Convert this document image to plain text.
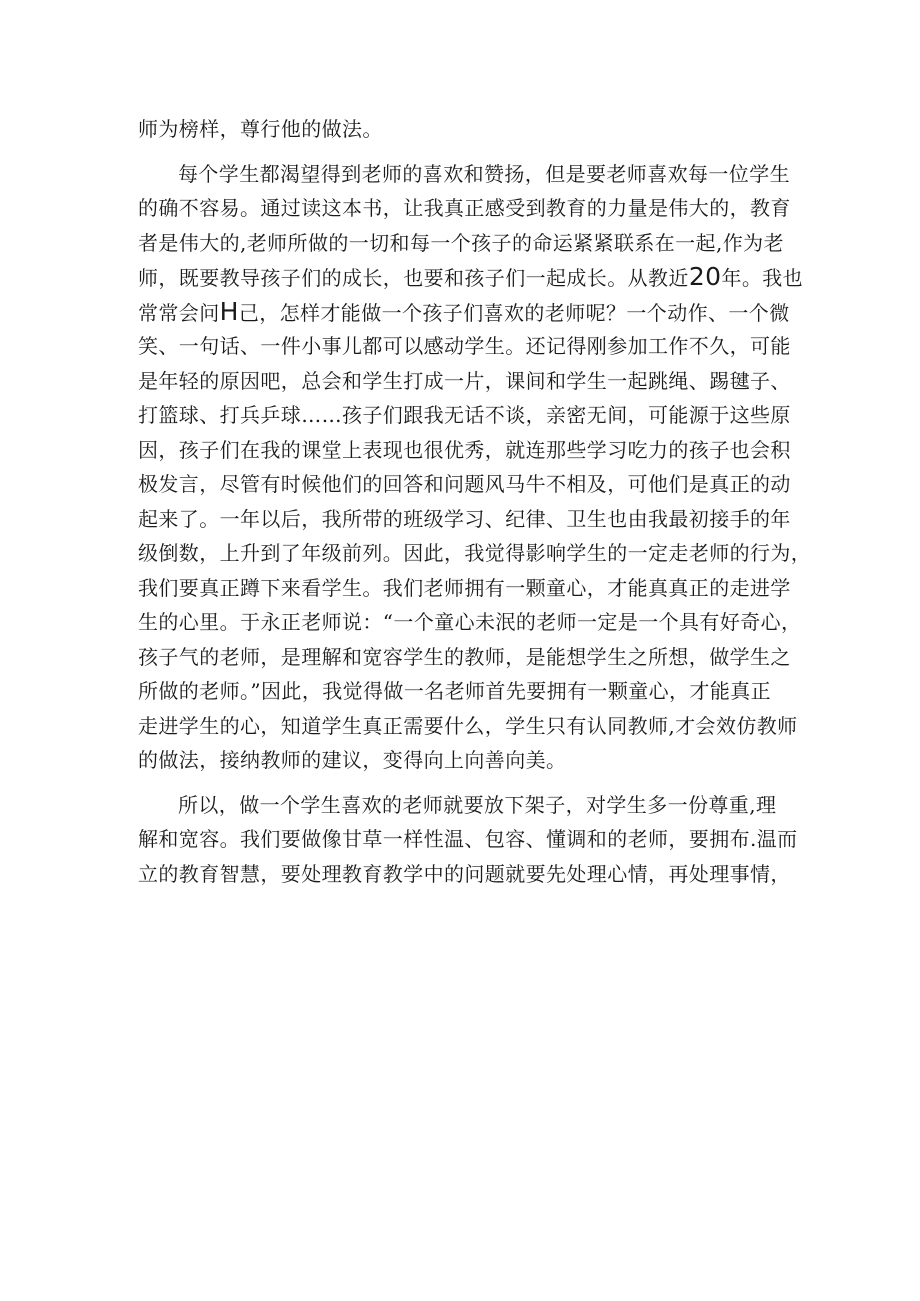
师为榜样，尊行他的做法。

每个学生都渴望得到老师的喜欢和赞扬，但是要老师喜欢每一位学生

的确不容易。通过读这本书，让我真正感受到教育的力量是伟大的，教育

者是伟大的,老师所做的一切和每一个孩子的命运紧紧联系在一起,作为老

师，既要教导孩子们的成长，也要和孩子们一起成长。从教近20年。我也

常常会问H己，怎样才能做一个孩子们喜欢的老师呢？一个动作、一个微

笑、一句话、一件小事儿都可以感动学生。还记得刚参加工作不久，可能

是年轻的原因吧，总会和学生打成一片，课间和学生一起跳绳、踢毽子、

打篮球、打兵乒球……孩子们跟我无话不谈，亲密无间，可能源于这些原

因，孩子们在我的课堂上表现也很优秀，就连那些学习吃力的孩子也会积

极发言，尽管有时候他们的回答和问题风马牛不相及，可他们是真正的动

起来了。一年以后，我所带的班级学习、纪律、卫生也由我最初接手的年

级倒数，上升到了年级前列。因此，我觉得影响学生的一定走老师的行为，

我们要真正蹲下来看学生。我们老师拥有一颗童心，才能真真正的走进学

生的心里。于永正老师说：“一个童心未泯的老师一定是一个具有好奇心，

孩子气的老师，是理解和宽容学生的教师，是能想学生之所想，做学生之

所做的老师。”因此，我觉得做一名老师首先要拥有一颗童心，才能真正

走进学生的心，知道学生真正需要什么，学生只有认同教师,才会效仿教师

的做法，接纳教师的建议，变得向上向善向美。

所以，做一个学生喜欢的老师就要放下架子，对学生多一份尊重,理

解和宽容。我们要做像甘草一样性温、包容、懂调和的老师，要拥布.温而

立的教育智慧，要处理教育教学中的问题就要先处理心情，再处理事情，
